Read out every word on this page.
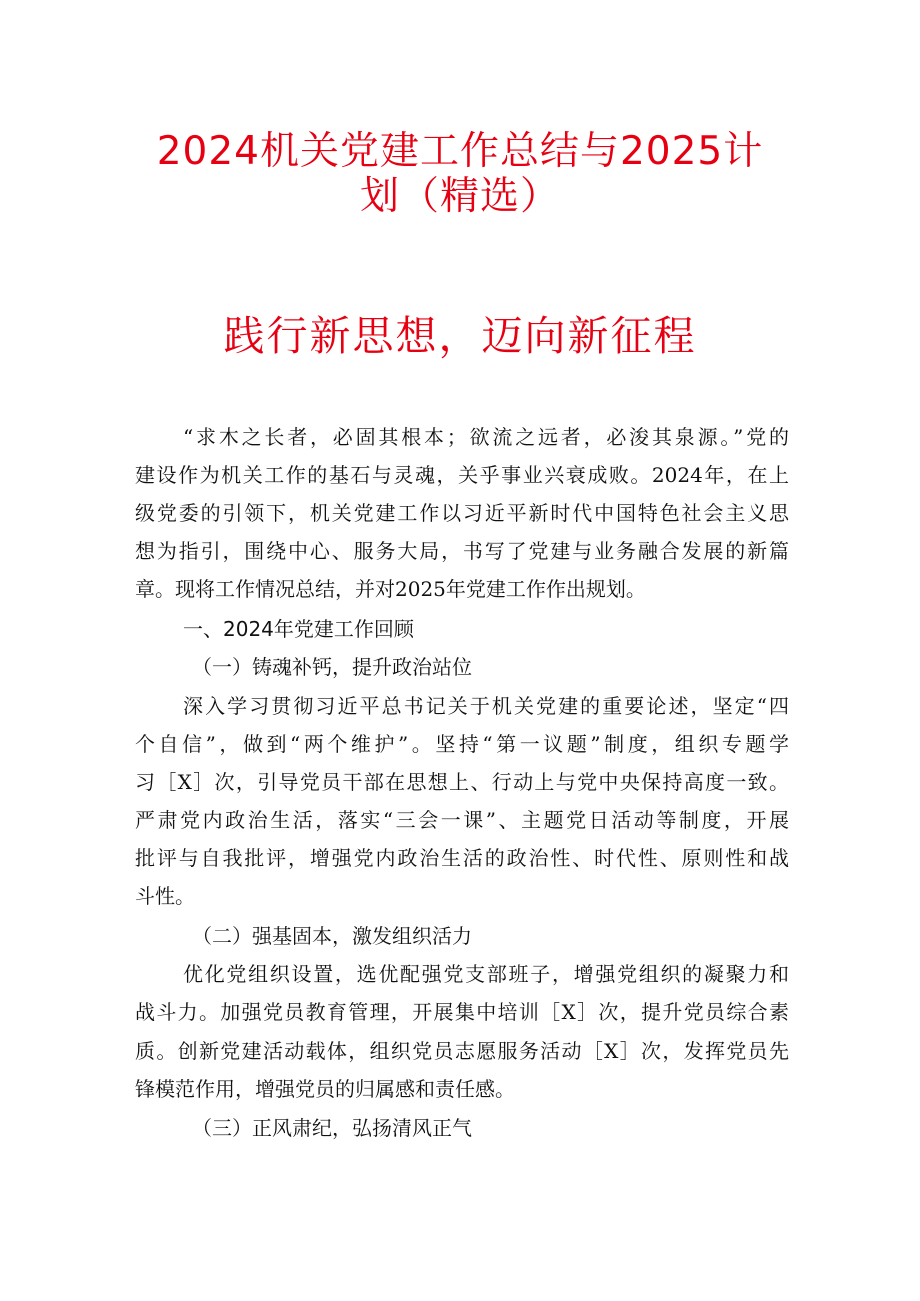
2024机关党建工作总结与2025计
划（精选）
践行新思想，迈向新征程
“求木之长者，必固其根本；欲流之远者，必浚其泉源。”党的
建设作为机关工作的基石与灵魂，关乎事业兴衰成败。2024年，在上
级党委的引领下，机关党建工作以习近平新时代中国特色社会主义思
想为指引，围绕中心、服务大局，书写了党建与业务融合发展的新篇
章。现将工作情况总结，并对2025年党建工作作出规划。
一、2024年党建工作回顾
（一）铸魂补钙，提升政治站位
深入学习贯彻习近平总书记关于机关党建的重要论述，坚定“四
个自信”，做到“两个维护”。坚持“第一议题”制度，组织专题学
习［X］次，引导党员干部在思想上、行动上与党中央保持高度一致。
严肃党内政治生活，落实“三会一课”、主题党日活动等制度，开展
批评与自我批评，增强党内政治生活的政治性、时代性、原则性和战
斗性。
（二）强基固本，激发组织活力
优化党组织设置，选优配强党支部班子，增强党组织的凝聚力和
战斗力。加强党员教育管理，开展集中培训［X］次，提升党员综合素
质。创新党建活动载体，组织党员志愿服务活动［X］次，发挥党员先
锋模范作用，增强党员的归属感和责任感。
（三）正风肃纪，弘扬清风正气
